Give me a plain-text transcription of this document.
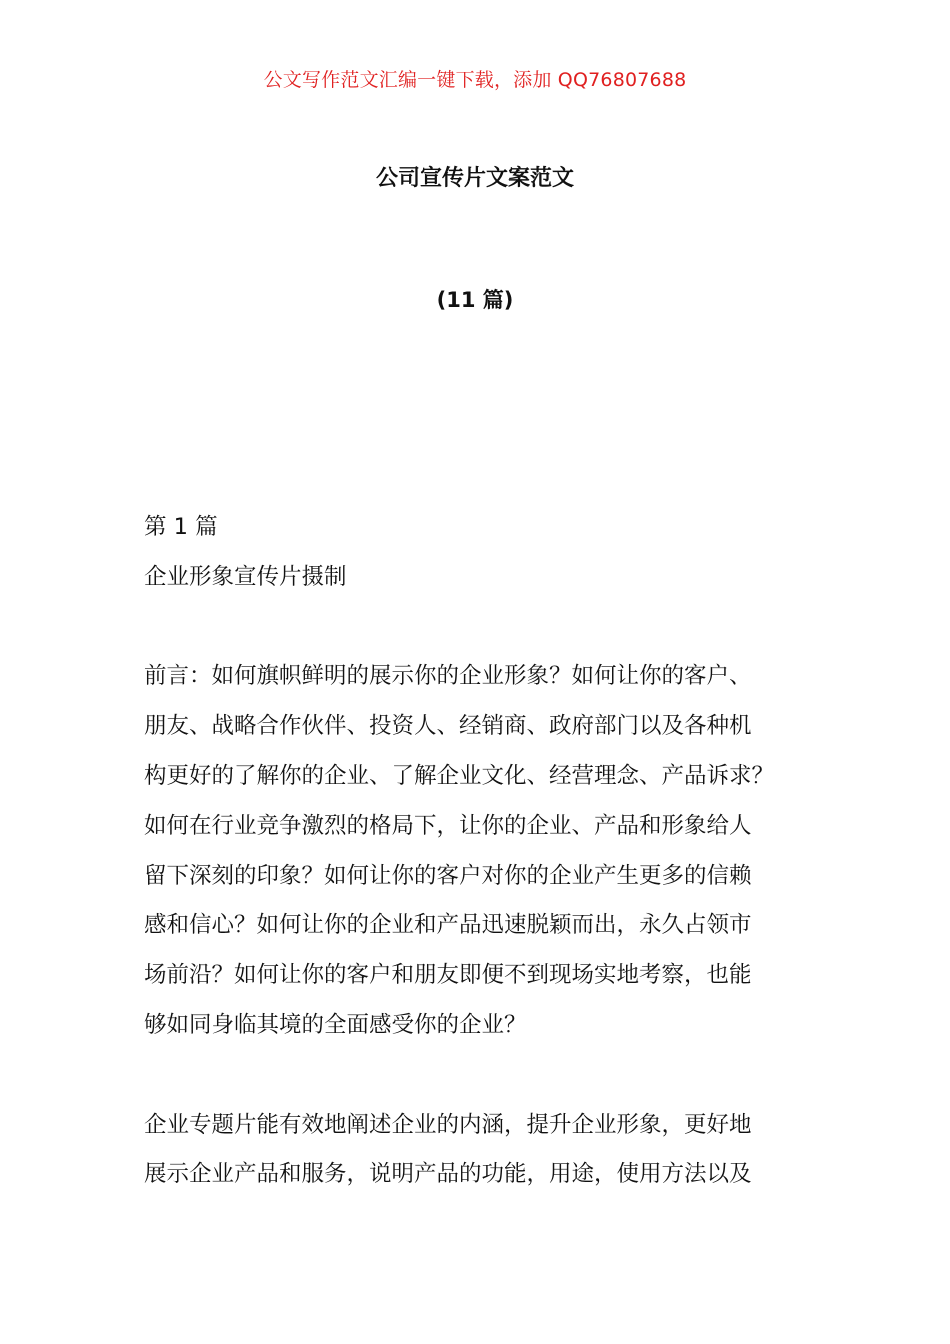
公文写作范文汇编一键下载，添加 QQ76807688
公司宣传片文案范文
(11 篇)
第 1 篇
企业形象宣传片摄制
前言：如何旗帜鲜明的展示你的企业形象？如何让你的客户、
朋友、战略合作伙伴、投资人、经销商、政府部门以及各种机
构更好的了解你的企业、了解企业文化、经营理念、产品诉求？
如何在行业竞争激烈的格局下，让你的企业、产品和形象给人
留下深刻的印象？如何让你的客户对你的企业产生更多的信赖
感和信心？如何让你的企业和产品迅速脱颖而出，永久占领市
场前沿？如何让你的客户和朋友即便不到现场实地考察，也能
够如同身临其境的全面感受你的企业？
企业专题片能有效地阐述企业的内涵，提升企业形象，更好地
展示企业产品和服务，说明产品的功能，用途，使用方法以及
